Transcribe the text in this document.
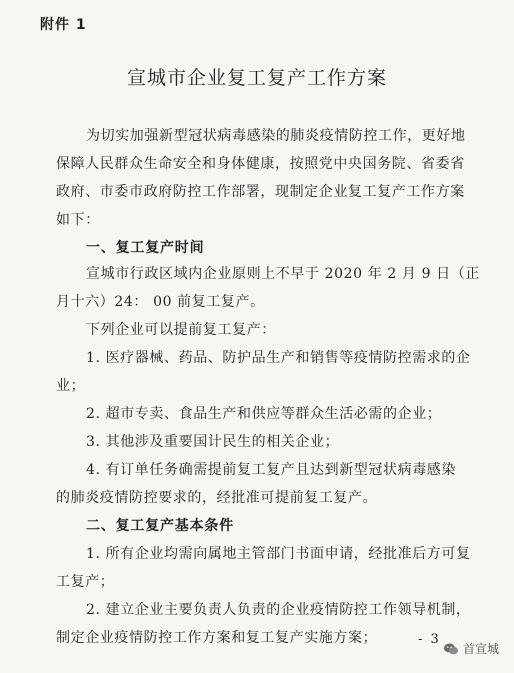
附件 1
宣城市企业复工复产工作方案
为切实加强新型冠状病毒感染的肺炎疫情防控工作，更好地
保障人民群众生命安全和身体健康，按照党中央国务院、省委省
政府、市委市政府防控工作部署，现制定企业复工复产工作方案
如下：
一、复工复产时间
宣城市行政区域内企业原则上不早于 2020 年 2 月 9 日（正
月十六）24： 00 前复工复产。
下列企业可以提前复工复产：
1. 医疗器械、药品、防护品生产和销售等疫情防控需求的企
业；
2. 超市专卖、食品生产和供应等群众生活必需的企业；
3. 其他涉及重要国计民生的相关企业；
4. 有订单任务确需提前复工复产且达到新型冠状病毒感染
的肺炎疫情防控要求的，经批准可提前复工复产。
二、复工复产基本条件
1. 所有企业均需向属地主管部门书面申请，经批准后方可复
工复产；
2. 建立企业主要负责人负责的企业疫情防控工作领导机制，
制定企业疫情防控工作方案和复工复产实施方案；	- 3
首宣城
